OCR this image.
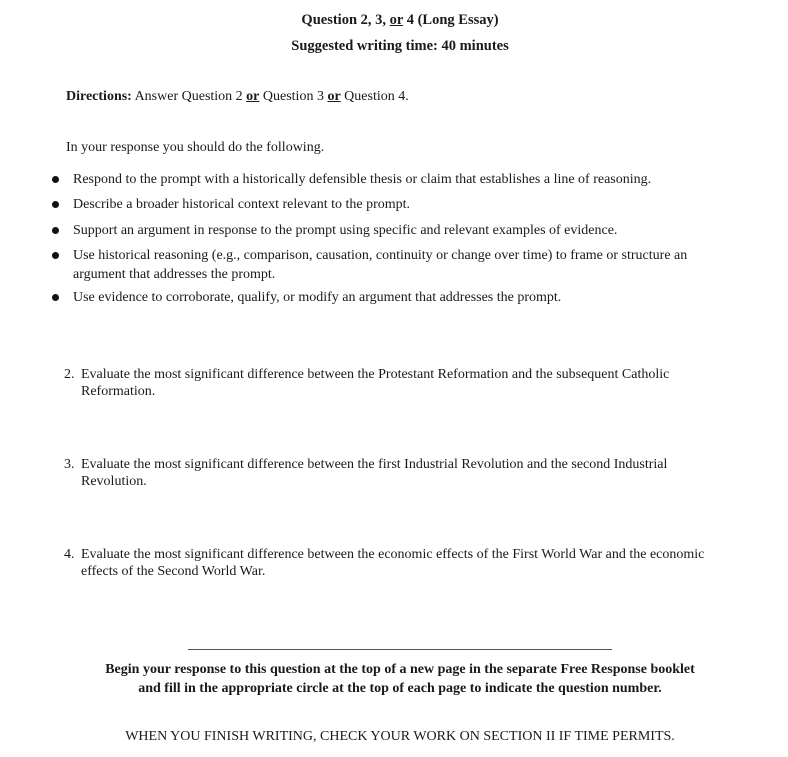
Question 2, 3, or 4 (Long Essay)
Suggested writing time: 40 minutes
Directions: Answer Question 2 or Question 3 or Question 4.
In your response you should do the following.
Respond to the prompt with a historically defensible thesis or claim that establishes a line of reasoning.
Describe a broader historical context relevant to the prompt.
Support an argument in response to the prompt using specific and relevant examples of evidence.
Use historical reasoning (e.g., comparison, causation, continuity or change over time) to frame or structure an
argument that addresses the prompt.
Use evidence to corroborate, qualify, or modify an argument that addresses the prompt.
2. Evaluate the most significant difference between the Protestant Reformation and the subsequent Catholic
Reformation.
3. Evaluate the most significant difference between the first Industrial Revolution and the second Industrial
Revolution.
4. Evaluate the most significant difference between the economic effects of the First World War and the economic
effects of the Second World War.
Begin your response to this question at the top of a new page in the separate Free Response booklet
and fill in the appropriate circle at the top of each page to indicate the question number.
WHEN YOU FINISH WRITING, CHECK YOUR WORK ON SECTION II IF TIME PERMITS.
